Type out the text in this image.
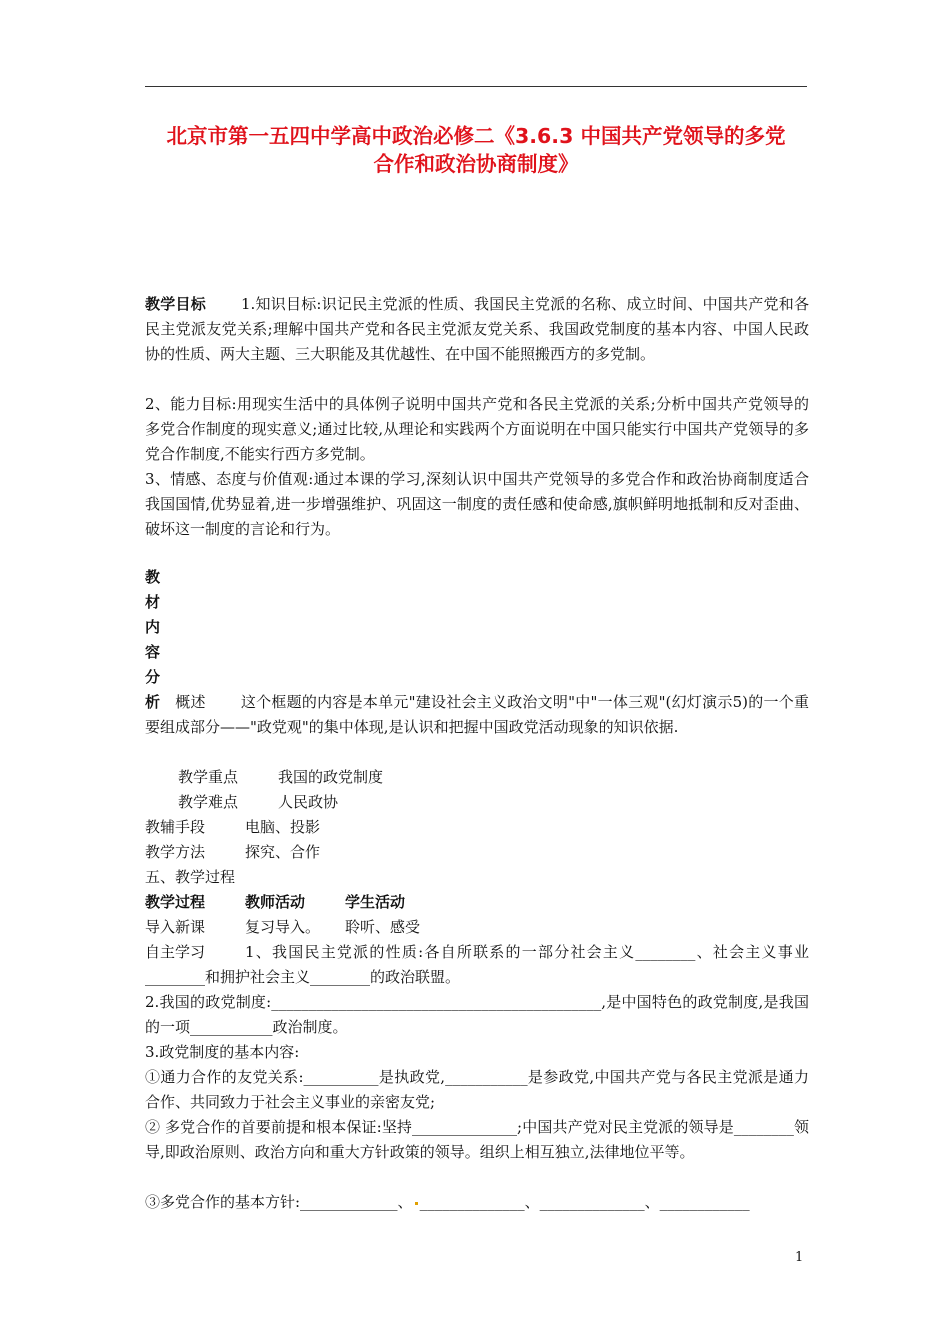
北京市第一五四中学高中政治必修二《3.6.3 中国共产党领导的多党
合作和政治协商制度》
教学目标 1.知识目标:识记民主党派的性质、我国民主党派的名称、成立时间、中国共产党和各民主党派友党关系;理解中国共产党和各民主党派友党关系、我国政党制度的基本内容、中国人民政协的性质、两大主题、三大职能及其优越性、在中国不能照搬西方的多党制。
2、能力目标:用现实生活中的具体例子说明中国共产党和各民主党派的关系;分析中国共产党领导的多党合作制度的现实意义;通过比较,从理论和实践两个方面说明在中国只能实行中国共产党领导的多党合作制度,不能实行西方多党制。
3、情感、态度与价值观:通过本课的学习,深刻认识中国共产党领导的多党合作和政治协商制度适合我国国情,优势显着,进一步增强维护、巩固这一制度的责任感和使命感,旗帜鲜明地抵制和反对歪曲、破坏这一制度的言论和行为。
教
材
内
容
分
析 概述 这个框题的内容是本单元"建设社会主义政治文明"中"一体三观"(幻灯演示5)的一个重要组成部分——"政党观"的集中体现,是认识和把握中国政党活动现象的知识依据.
教学重点	我国的政党制度
教学难点	人民政协
教辅手段	电脑、投影
教学方法	探究、合作
五、教学过程
教学过程	教师活动	学生活动
导入新课	复习导入。 聆听、感受
自主学习	1、我国民主党派的性质:各自所联系的一部分社会主义________、社会主义事业________和拥护社会主义________的政治联盟。
2.我国的政党制度:____________________________________________,是中国特色的政党制度,是我国的一项___________政治制度。
3.政党制度的基本内容:
①通力合作的友党关系:__________是执政党,___________是参政党,中国共产党与各民主党派是通力合作、共同致力于社会主义事业的亲密友党;
② 多党合作的首要前提和根本保证:坚持______________;中国共产党对民主党派的领导是________领导,即政治原则、政治方向和重大方针政策的领导。组织上相互独立,法律地位平等。
③多党合作的基本方针:_____________、 ______________、______________、____________
1
